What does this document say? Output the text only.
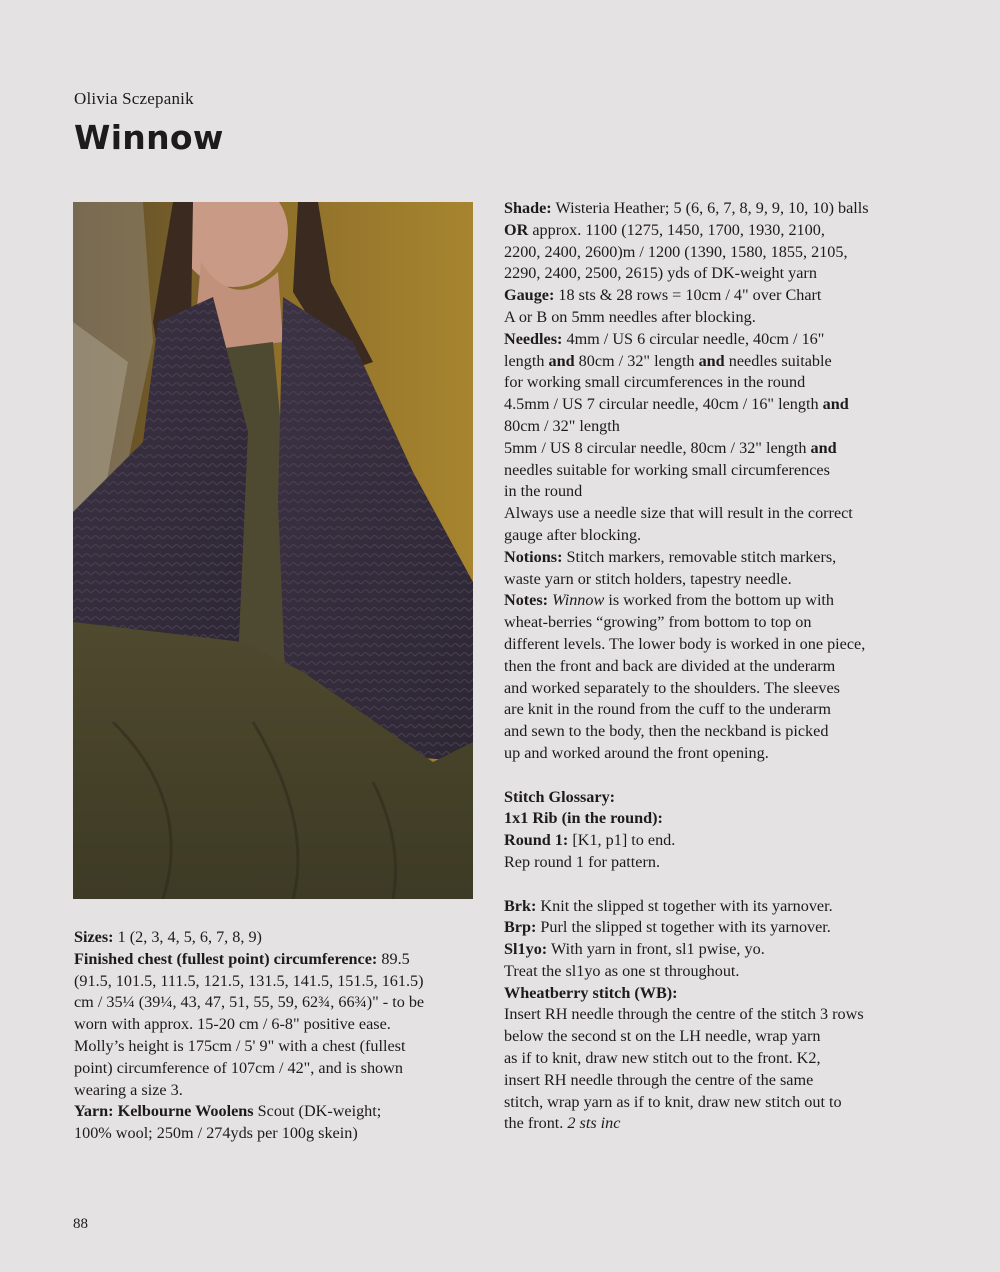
Olivia Sczepanik
Winnow

Sizes: 1 (2, 3, 4, 5, 6, 7, 8, 9)

Finished chest (fullest point) circumference: 89.5

(91.5, 101.5, 111.5, 121.5, 131.5, 141.5, 151.5, 161.5)

cm / 35¼ (39¼, 43, 47, 51, 55, 59, 62¾, 66¾)" - to be

worn with approx. 15-20 cm / 6-8" positive ease.

Molly’s height is 175cm / 5' 9" with a chest (fullest

point) circumference of 107cm / 42", and is shown

wearing a size 3.

Yarn: Kelbourne Woolens Scout (DK-weight;

100% wool; 250m / 274yds per 100g skein)

Shade: Wisteria Heather; 5 (6, 6, 7, 8, 9, 9, 10, 10) balls

OR approx. 1100 (1275, 1450, 1700, 1930, 2100,

2200, 2400, 2600)m / 1200 (1390, 1580, 1855, 2105,

2290, 2400, 2500, 2615) yds of DK-weight yarn

Gauge: 18 sts & 28 rows = 10cm / 4" over Chart

A or B on 5mm needles after blocking.

Needles: 4mm / US 6 circular needle, 40cm / 16"

length and 80cm / 32" length and needles suitable

for working small circumferences in the round

4.5mm / US 7 circular needle, 40cm / 16" length and

80cm / 32" length

5mm / US 8 circular needle, 80cm / 32" length and

needles suitable for working small circumferences

in the round

Always use a needle size that will result in the correct

gauge after blocking.

Notions: Stitch markers, removable stitch markers,

waste yarn or stitch holders, tapestry needle.

Notes: Winnow is worked from the bottom up with

wheat-berries “growing” from bottom to top on

different levels. The lower body is worked in one piece,

then the front and back are divided at the underarm

and worked separately to the shoulders. The sleeves

are knit in the round from the cuff to the underarm

and sewn to the body, then the neckband is picked

up and worked around the front opening.

Stitch Glossary:

1x1 Rib (in the round):

Round 1: [K1, p1] to end.

Rep round 1 for pattern.

Brk: Knit the slipped st together with its yarnover.

Brp: Purl the slipped st together with its yarnover.

Sl1yo: With yarn in front, sl1 pwise, yo.

Treat the sl1yo as one st throughout.

Wheatberry stitch (WB):

Insert RH needle through the centre of the stitch 3 rows

below the second st on the LH needle, wrap yarn

as if to knit, draw new stitch out to the front. K2,

insert RH needle through the centre of the same

stitch, wrap yarn as if to knit, draw new stitch out to

the front. 2 sts inc

88
